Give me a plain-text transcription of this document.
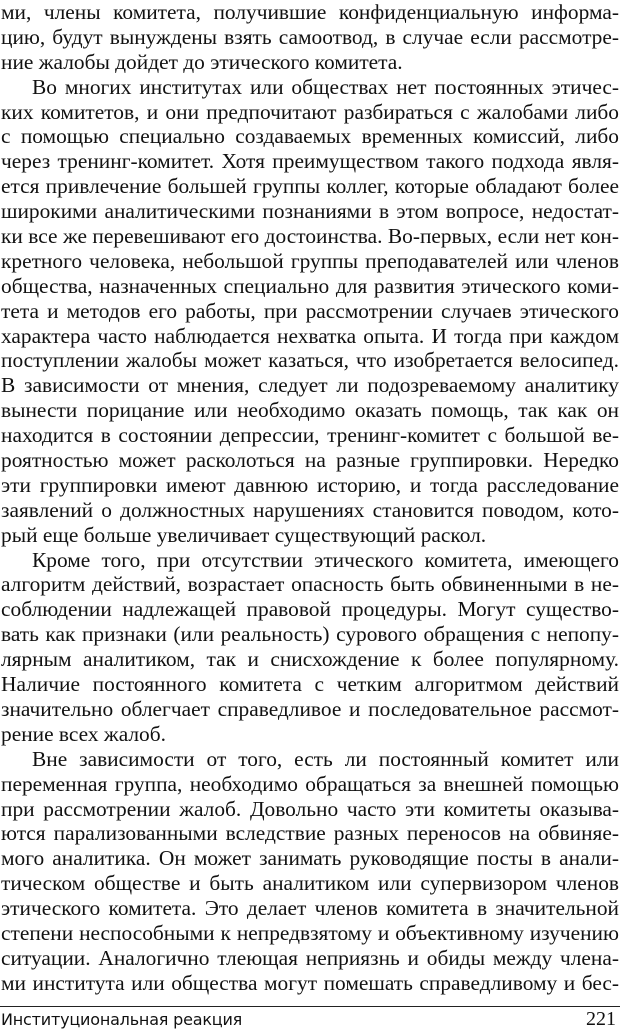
ми, члены комитета, получившие конфиденциальную информа-
цию, будут вынуждены взять самоотвод, в случае если рассмотре-
ние жалобы дойдет до этического комитета.
Во многих институтах или обществах нет постоянных этичес-
ких комитетов, и они предпочитают разбираться с жалобами либо
с помощью специально создаваемых временных комиссий, либо
через тренинг-комитет. Хотя преимуществом такого подхода явля-
ется привлечение большей группы коллег, которые обладают более
широкими аналитическими познаниями в этом вопросе, недостат-
ки все же перевешивают его достоинства. Во-первых, если нет кон-
кретного человека, небольшой группы преподавателей или членов
общества, назначенных специально для развития этического коми-
тета и методов его работы, при рассмотрении случаев этического
характера часто наблюдается нехватка опыта. И тогда при каждом
поступлении жалобы может казаться, что изобретается велосипед.
В зависимости от мнения, следует ли подозреваемому аналитику
вынести порицание или необходимо оказать помощь, так как он
находится в состоянии депрессии, тренинг-комитет с большой ве-
роятностью может расколоться на разные группировки. Нередко
эти группировки имеют давнюю историю, и тогда расследование
заявлений о должностных нарушениях становится поводом, кото-
рый еще больше увеличивает существующий раскол.
Кроме того, при отсутствии этического комитета, имеющего
алгоритм действий, возрастает опасность быть обвиненными в не-
соблюдении надлежащей правовой процедуры. Могут существо-
вать как признаки (или реальность) сурового обращения с непопу-
лярным аналитиком, так и снисхождение к более популярному.
Наличие постоянного комитета с четким алгоритмом действий
значительно облегчает справедливое и последовательное рассмот-
рение всех жалоб.
Вне зависимости от того, есть ли постоянный комитет или
переменная группа, необходимо обращаться за внешней помощью
при рассмотрении жалоб. Довольно часто эти комитеты оказыва-
ются парализованными вследствие разных переносов на обвиняе-
мого аналитика. Он может занимать руководящие посты в анали-
тическом обществе и быть аналитиком или супервизором членов
этического комитета. Это делает членов комитета в значительной
степени неспособными к непредвзятому и объективному изучению
ситуации. Аналогично тлеющая неприязнь и обиды между члена-
ми института или общества могут помешать справедливому и бес-
Институциональная реакция	221
